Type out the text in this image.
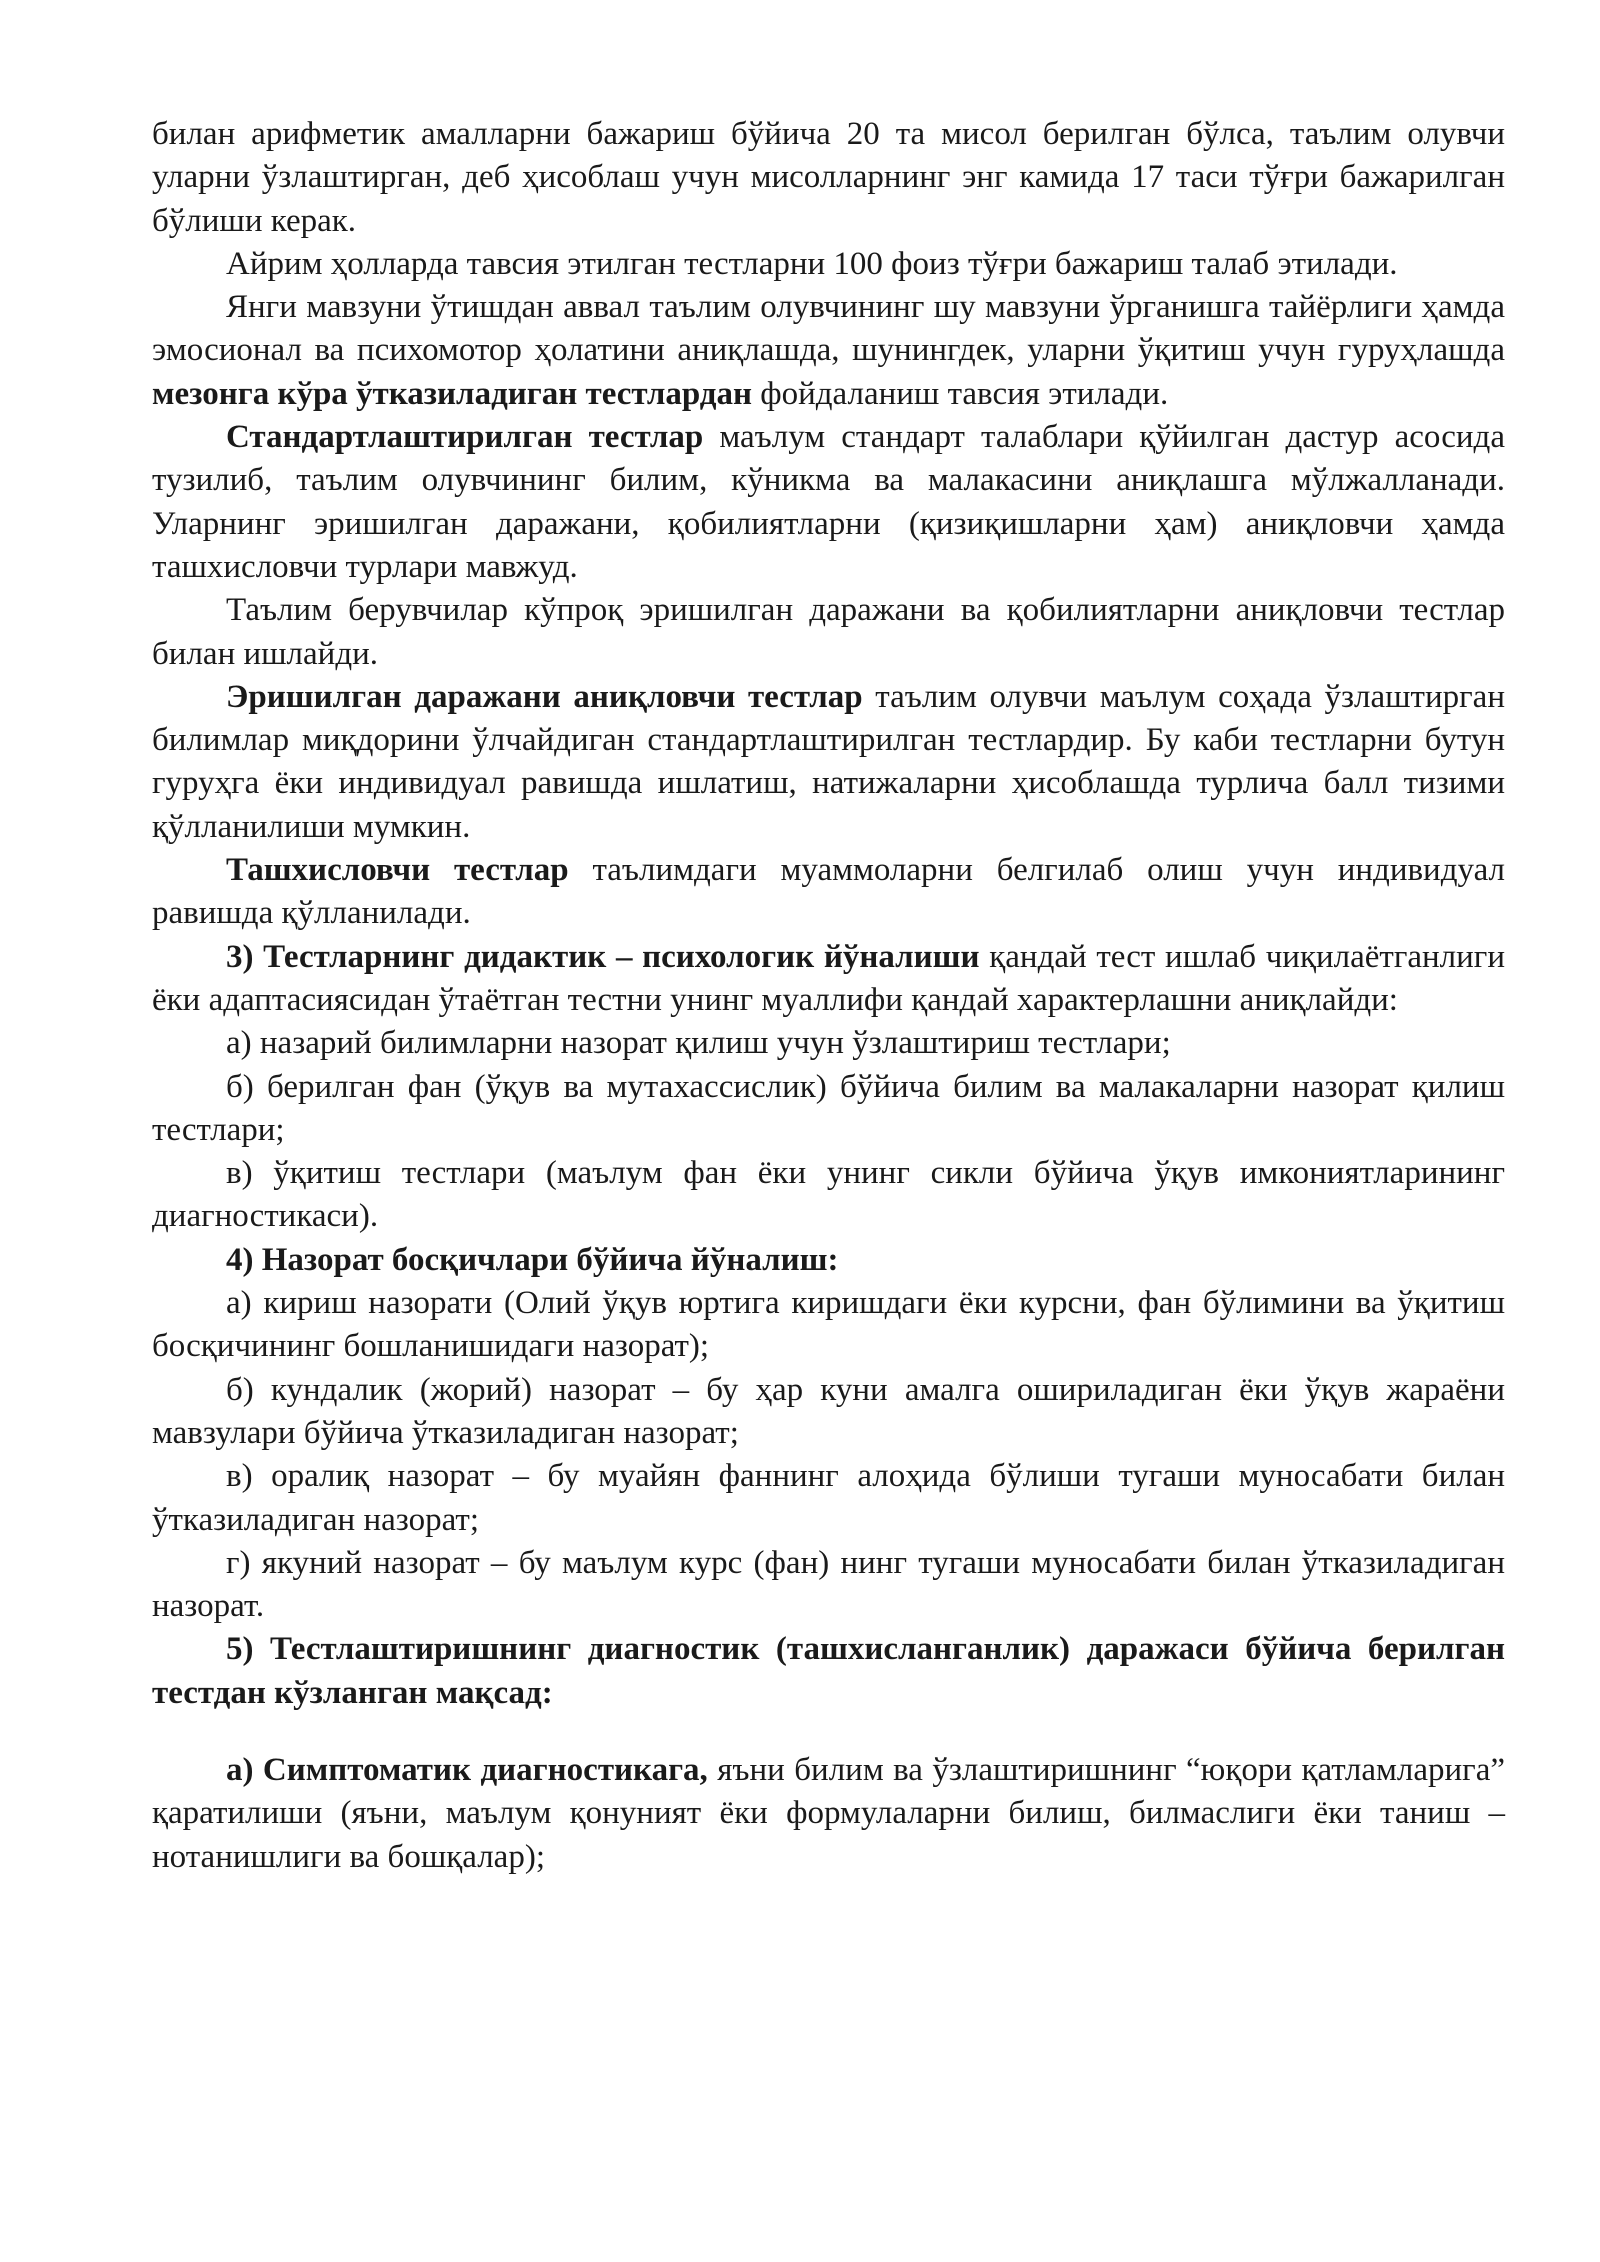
билан арифметик амалларни бажариш бўйича 20 та мисол берилган бўлса, таълим олувчи уларни ўзлаштирган, деб ҳисоблаш учун мисолларнинг энг камида 17 таси тўғри бажарилган бўлиши керак.

Айрим ҳолларда тавсия этилган тестларни 100 фоиз тўғри бажариш талаб этилади.

Янги мавзуни ўтишдан аввал таълим олувчининг шу мавзуни ўрганишга тайёрлиги ҳамда эмосионал ва психомотор ҳолатини аниқлашда, шунингдек, уларни ўқитиш учун гуруҳлашда мезонга кўра ўтказиладиган тестлардан фойдаланиш тавсия этилади.

Стандартлаштирилган тестлар маълум стандарт талаблари қўйилган дастур асосида тузилиб, таълим олувчининг билим, кўникма ва малакасини аниқлашга мўлжалланади. Уларнинг эришилган даражани, қобилиятларни (қизиқишларни ҳам) аниқловчи ҳамда ташхисловчи турлари мавжуд.

Таълим берувчилар кўпроқ эришилган даражани ва қобилиятларни аниқловчи тестлар билан ишлайди.

Эришилган даражани аниқловчи тестлар таълим олувчи маълум соҳада ўзлаштирган билимлар миқдорини ўлчайдиган стандартлаштирилган тестлардир. Бу каби тестларни бутун гуруҳга ёки индивидуал равишда ишлатиш, натижаларни ҳисоблашда турлича балл тизими қўлланилиши мумкин.

Ташхисловчи тестлар таълимдаги муаммоларни белгилаб олиш учун индивидуал равишда қўлланилади.

3) Тестларнинг дидактик – психологик йўналиши қандай тест ишлаб чиқилаётганлиги ёки адаптасиясидан ўтаётган тестни унинг муаллифи қандай характерлашни аниқлайди:

а) назарий билимларни назорат қилиш учун ўзлаштириш тестлари;

б) берилган фан (ўқув ва мутахассислик) бўйича билим ва малакаларни назорат қилиш тестлари;

в) ўқитиш тестлари (маълум фан ёки унинг сикли бўйича ўқув имкониятларининг диагностикаси).

4) Назорат босқичлари бўйича йўналиш:

а) кириш назорати (Олий ўқув юртига киришдаги ёки курсни, фан бўлимини ва ўқитиш босқичининг бошланишидаги назорат);

б) кундалик (жорий) назорат – бу ҳар куни амалга ошириладиган ёки ўқув жараёни мавзулари бўйича ўтказиладиган назорат;

в) оралиқ назорат – бу муайян фаннинг алоҳида бўлиши тугаши муносабати билан ўтказиладиган назорат;

г) якуний назорат – бу маълум курс (фан) нинг тугаши муносабати билан ўтказиладиган назорат.

5) Тестлаштиришнинг диагностик (ташхисланганлик) даражаси бўйича берилган тестдан кўзланган мақсад:

а) Симптоматик диагностикага, яъни билим ва ўзлаштиришнинг “юқори қатламларига” қаратилиши (яъни, маълум қонуният ёки формулаларни билиш, билмаслиги ёки таниш – нотанишлиги ва бошқалар);
